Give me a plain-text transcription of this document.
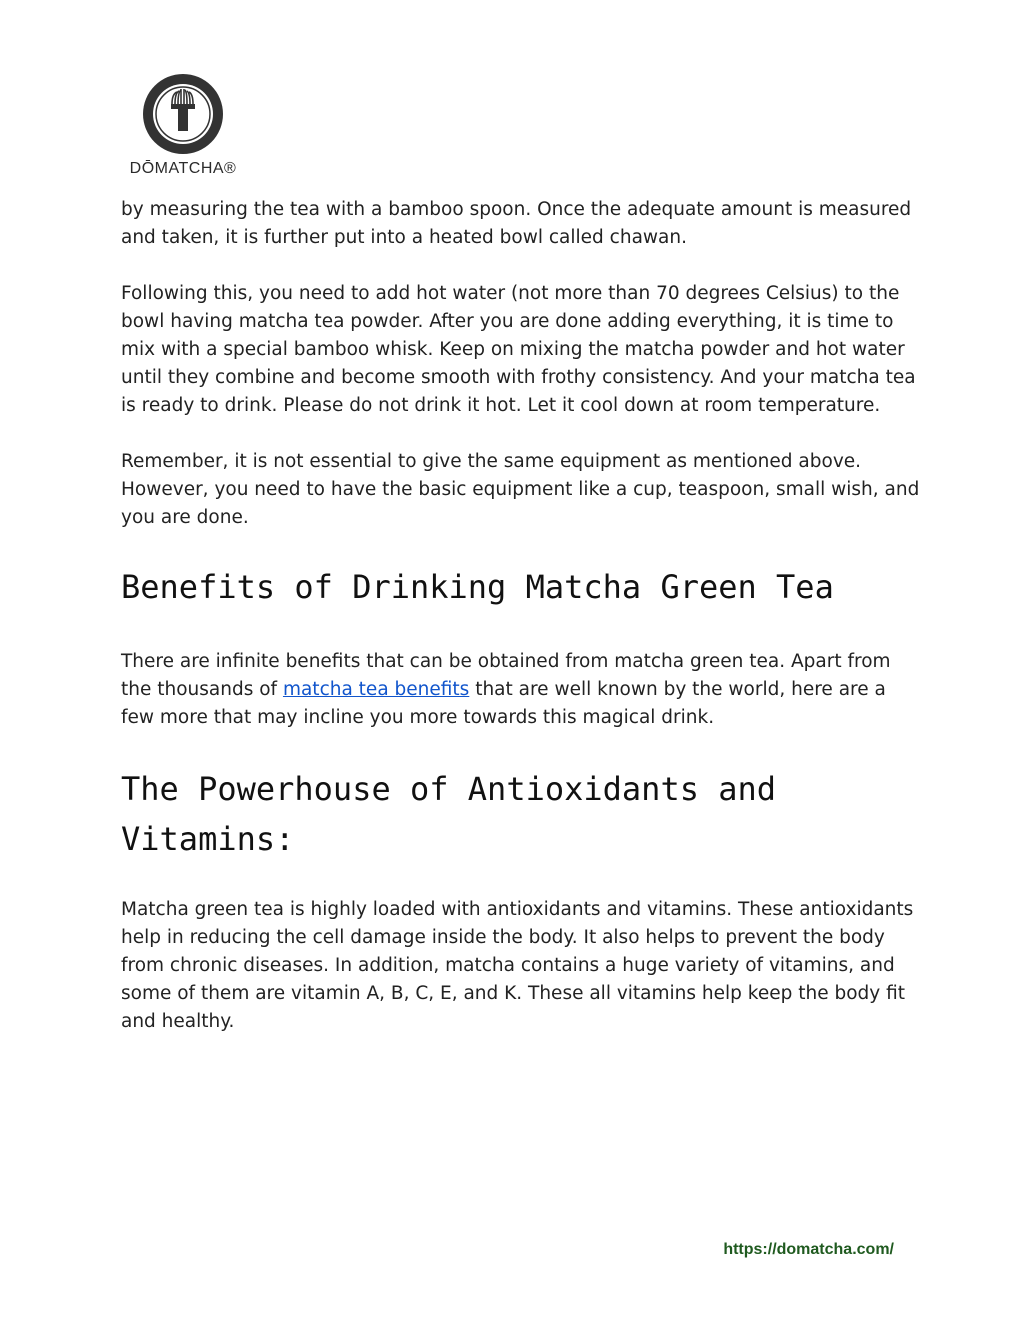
DŌMATCHA®

by measuring the tea with a bamboo spoon. Once the adequate amount is measured and taken, it is further put into a heated bowl called chawan.

Following this, you need to add hot water (not more than 70 degrees Celsius) to the bowl having matcha tea powder. After you are done adding everything, it is time to mix with a special bamboo whisk. Keep on mixing the matcha powder and hot water until they combine and become smooth with frothy consistency. And your matcha tea is ready to drink. Please do not drink it hot. Let it cool down at room temperature.

Remember, it is not essential to give the same equipment as mentioned above. However, you need to have the basic equipment like a cup, teaspoon, small wish, and you are done.

Benefits of Drinking Matcha Green Tea

There are infinite benefits that can be obtained from matcha green tea. Apart from the thousands of matcha tea benefits that are well known by the world, here are a few more that may incline you more towards this magical drink.

The Powerhouse of Antioxidants and Vitamins:

Matcha green tea is highly loaded with antioxidants and vitamins. These antioxidants help in reducing the cell damage inside the body. It also helps to prevent the body from chronic diseases. In addition, matcha contains a huge variety of vitamins, and some of them are vitamin A, B, C, E, and K. These all vitamins help keep the body fit and healthy.

https://domatcha.com/
